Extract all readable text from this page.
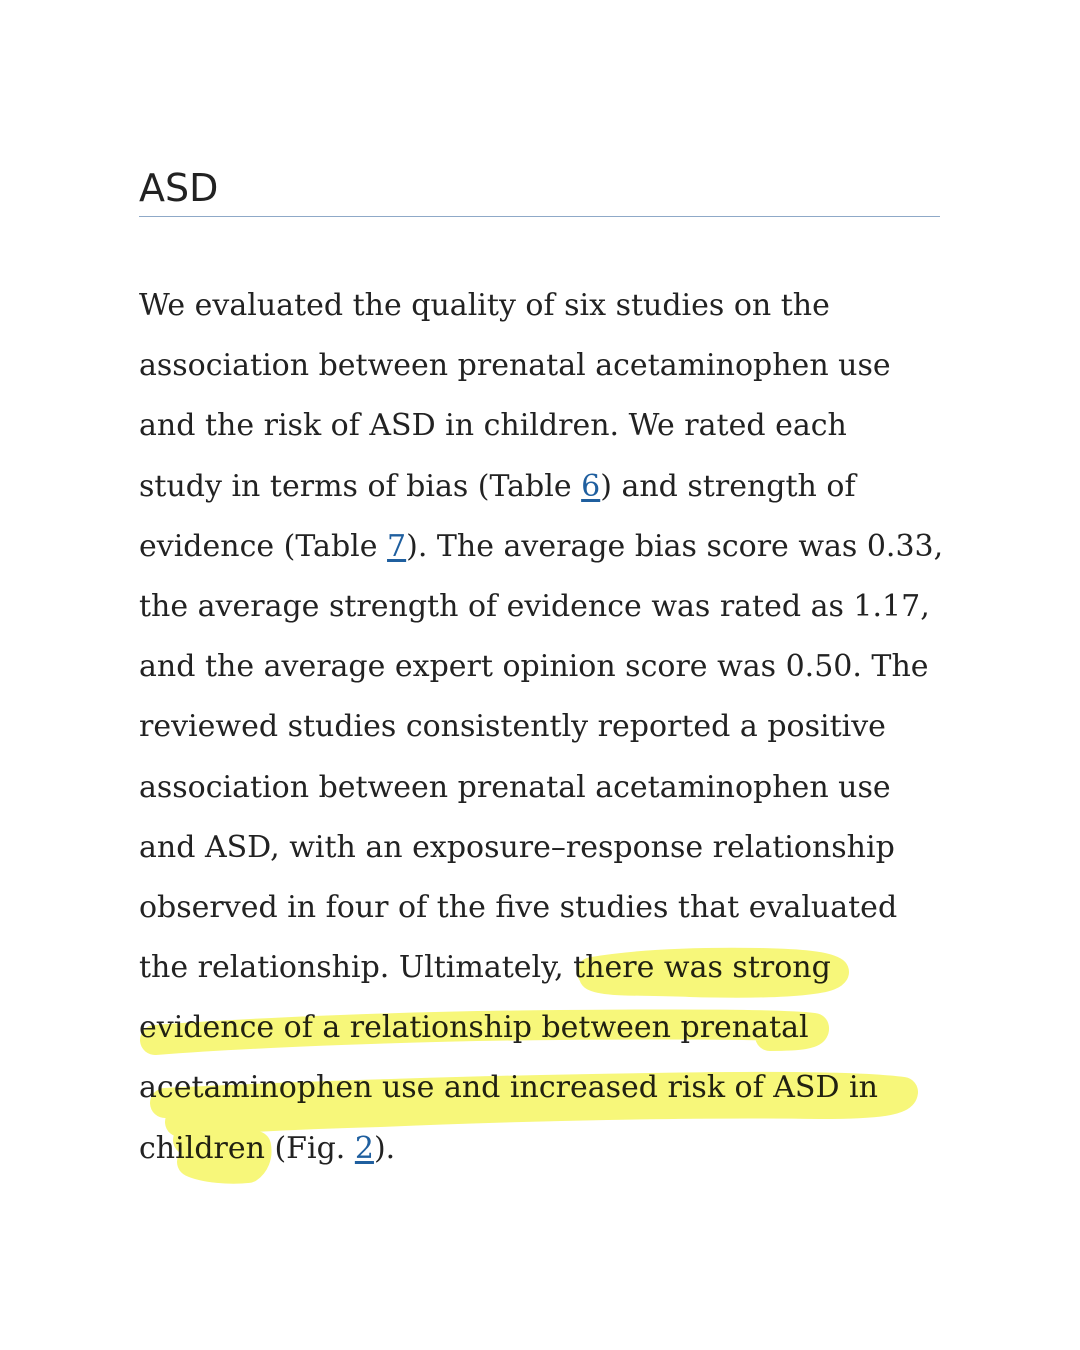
ASD
We evaluated the quality of six studies on the
association between prenatal acetaminophen use
and the risk of ASD in children. We rated each
study in terms of bias (Table 6) and strength of
evidence (Table 7). The average bias score was 0.33,
the average strength of evidence was rated as 1.17,
and the average expert opinion score was 0.50. The
reviewed studies consistently reported a positive
association between prenatal acetaminophen use
and ASD, with an exposure–response relationship
observed in four of the five studies that evaluated
the relationship. Ultimately, there was strong
evidence of a relationship between prenatal
acetaminophen use and increased risk of ASD in
children (Fig. 2).
